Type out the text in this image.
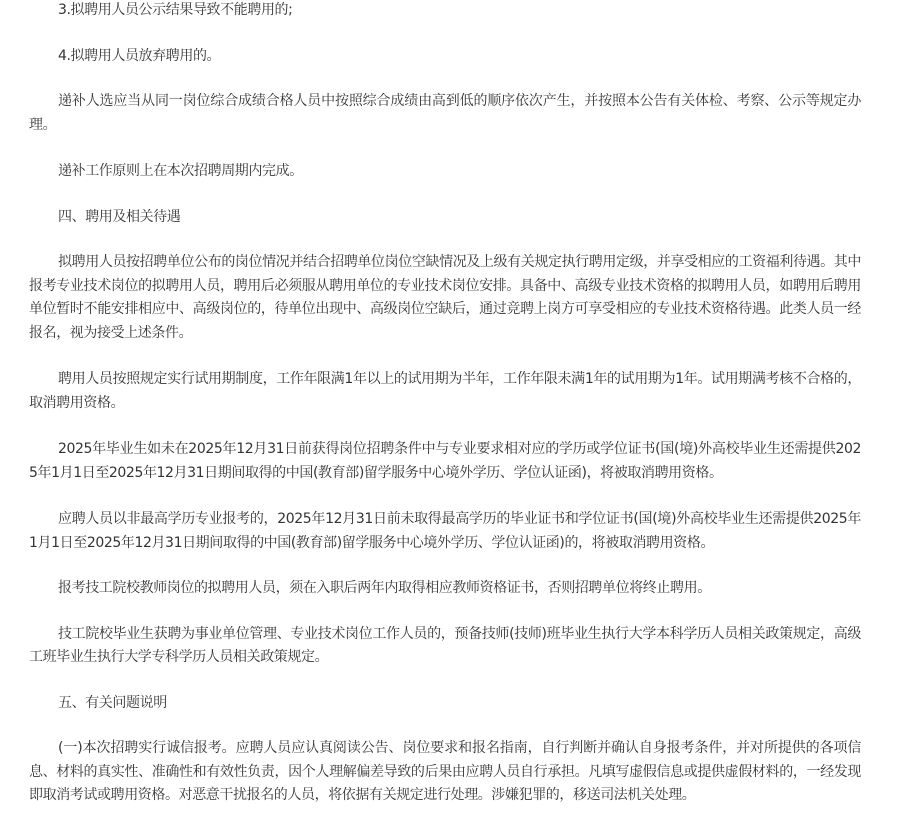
3.拟聘用人员公示结果导致不能聘用的;

4.拟聘用人员放弃聘用的。

递补人选应当从同一岗位综合成绩合格人员中按照综合成绩由高到低的顺序依次产生，并按照本公告有关体检、考察、公示等规定办理。

递补工作原则上在本次招聘周期内完成。

四、聘用及相关待遇

拟聘用人员按招聘单位公布的岗位情况并结合招聘单位岗位空缺情况及上级有关规定执行聘用定级，并享受相应的工资福利待遇。其中报考专业技术岗位的拟聘用人员，聘用后必须服从聘用单位的专业技术岗位安排。具备中、高级专业技术资格的拟聘用人员，如聘用后聘用单位暂时不能安排相应中、高级岗位的，待单位出现中、高级岗位空缺后，通过竞聘上岗方可享受相应的专业技术资格待遇。此类人员一经报名，视为接受上述条件。

聘用人员按照规定实行试用期制度，工作年限满1年以上的试用期为半年，工作年限未满1年的试用期为1年。试用期满考核不合格的，取消聘用资格。

2025年毕业生如未在2025年12月31日前获得岗位招聘条件中与专业要求相对应的学历或学位证书(国(境)外高校毕业生还需提供2025年1月1日至2025年12月31日期间取得的中国(教育部)留学服务中心境外学历、学位认证函)，将被取消聘用资格。

应聘人员以非最高学历专业报考的，2025年12月31日前未取得最高学历的毕业证书和学位证书(国(境)外高校毕业生还需提供2025年1月1日至2025年12月31日期间取得的中国(教育部)留学服务中心境外学历、学位认证函)的，将被取消聘用资格。

报考技工院校教师岗位的拟聘用人员，须在入职后两年内取得相应教师资格证书，否则招聘单位将终止聘用。

技工院校毕业生获聘为事业单位管理、专业技术岗位工作人员的，预备技师(技师)班毕业生执行大学本科学历人员相关政策规定，高级工班毕业生执行大学专科学历人员相关政策规定。

五、有关问题说明

(一)本次招聘实行诚信报考。应聘人员应认真阅读公告、岗位要求和报名指南，自行判断并确认自身报考条件，并对所提供的各项信息、材料的真实性、准确性和有效性负责，因个人理解偏差导致的后果由应聘人员自行承担。凡填写虚假信息或提供虚假材料的，一经发现即取消考试或聘用资格。对恶意干扰报名的人员，将依据有关规定进行处理。涉嫌犯罪的，移送司法机关处理。
